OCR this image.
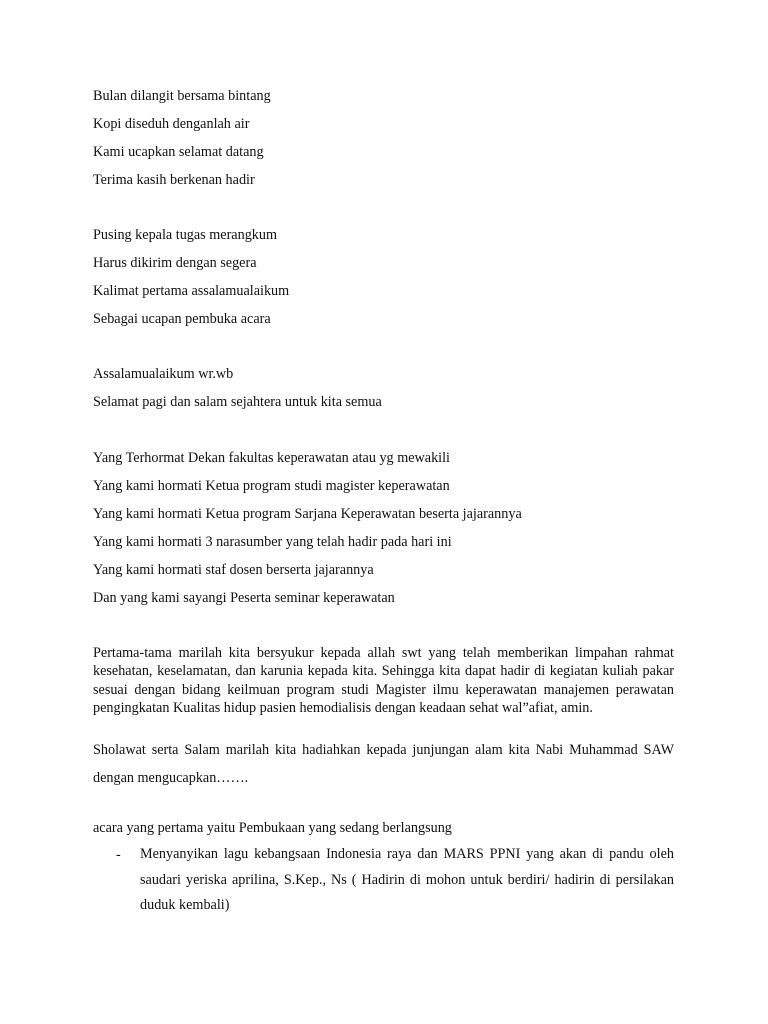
Bulan dilangit bersama bintang
Kopi diseduh denganlah air
Kami ucapkan selamat datang
Terima kasih berkenan hadir
Pusing kepala tugas merangkum
Harus dikirim dengan segera
Kalimat pertama assalamualaikum
Sebagai ucapan pembuka acara
Assalamualaikum wr.wb
Selamat pagi dan salam sejahtera untuk kita semua
Yang Terhormat Dekan fakultas keperawatan atau yg mewakili
Yang kami hormati Ketua program studi magister keperawatan
Yang kami hormati Ketua program Sarjana Keperawatan beserta jajarannya
Yang kami hormati 3 narasumber yang telah hadir pada hari ini
Yang kami hormati staf dosen berserta jajarannya
Dan yang kami sayangi Peserta seminar keperawatan
Pertama-tama marilah kita bersyukur kepada allah swt yang telah memberikan limpahan rahmat kesehatan, keselamatan, dan karunia kepada kita. Sehingga kita dapat hadir di kegiatan kuliah pakar sesuai dengan bidang keilmuan program studi Magister ilmu keperawatan manajemen perawatan pengingkatan Kualitas hidup pasien hemodialisis dengan keadaan sehat wal”afiat, amin.
Sholawat serta Salam marilah kita hadiahkan kepada junjungan alam kita Nabi Muhammad SAW dengan mengucapkan…….
acara yang pertama yaitu Pembukaan yang sedang berlangsung
- Menyanyikan lagu kebangsaan Indonesia raya dan MARS PPNI yang akan di pandu oleh saudari yeriska aprilina, S.Kep., Ns ( Hadirin di mohon untuk berdiri/ hadirin di persilakan duduk kembali)
